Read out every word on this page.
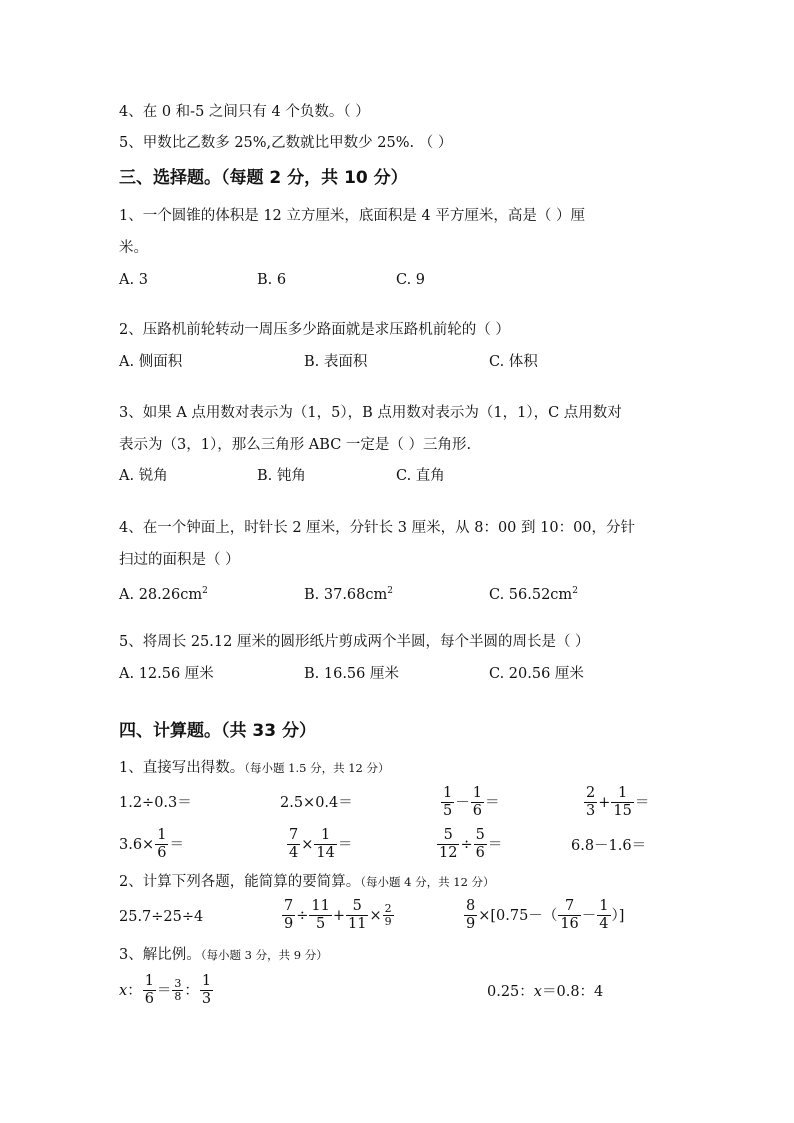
4、在 0 和-5 之间只有 4 个负数。（ ）
5、甲数比乙数多 25%,乙数就比甲数少 25%. （ ）
三、选择题。（每题 2 分，共 10 分）
1、一个圆锥的体积是 12 立方厘米，底面积是 4 平方厘米，高是（ ）厘
米。
A. 3	B. 6	C. 9
2、压路机前轮转动一周压多少路面就是求压路机前轮的（ ）
A. 侧面积	B. 表面积	C. 体积
3、如果 A 点用数对表示为（1，5），B 点用数对表示为（1，1），C 点用数对
表示为（3，1），那么三角形 ABC 一定是（ ）三角形.
A. 锐角	B. 钝角	C. 直角
4、在一个钟面上，时针长 2 厘米，分针长 3 厘米，从 8：00 到 10：00，分针
扫过的面积是（ ）
A. $28.26cm^2$	B. $37.68cm^2$	C. $56.52cm^2$
5、将周长 25.12 厘米的圆形纸片剪成两个半圆，每个半圆的周长是（ ）
A. 12.56 厘米	B. 16.56 厘米	C. 20.56 厘米
四、计算题。（共 33 分）
1、直接写出得数。（每小题 1.5 分，共 12 分）
1.2÷0.3＝	2.5×0.4＝	$\frac{1}{5} - \frac{1}{6}$ ＝	$\frac{2}{3} + \frac{1}{15}$ ＝
$3.6\times \frac{1}{6}$ ＝	$\frac{7}{4} \times \frac{1}{14}$ ＝	$\frac{5}{12} \div \frac{5}{6}$ ＝	6.8－1.6＝
2、计算下列各题，能简算的要简算。（每小题 4 分，共 12 分）
25.7÷25÷4	$\frac{7}{9} \div \frac{11}{5} + \frac{5}{11} \times \frac{2}{9}$	$\frac{8}{9} \times[0.75-( \frac{7}{16} - \frac{1}{4}$ ）]
3、解比例。（每小题 3 分，共 9 分）
x： $\frac{1}{6} = \frac{3}{8}$ ： $\frac{1}{3}$	0.25：x＝0.8：4
